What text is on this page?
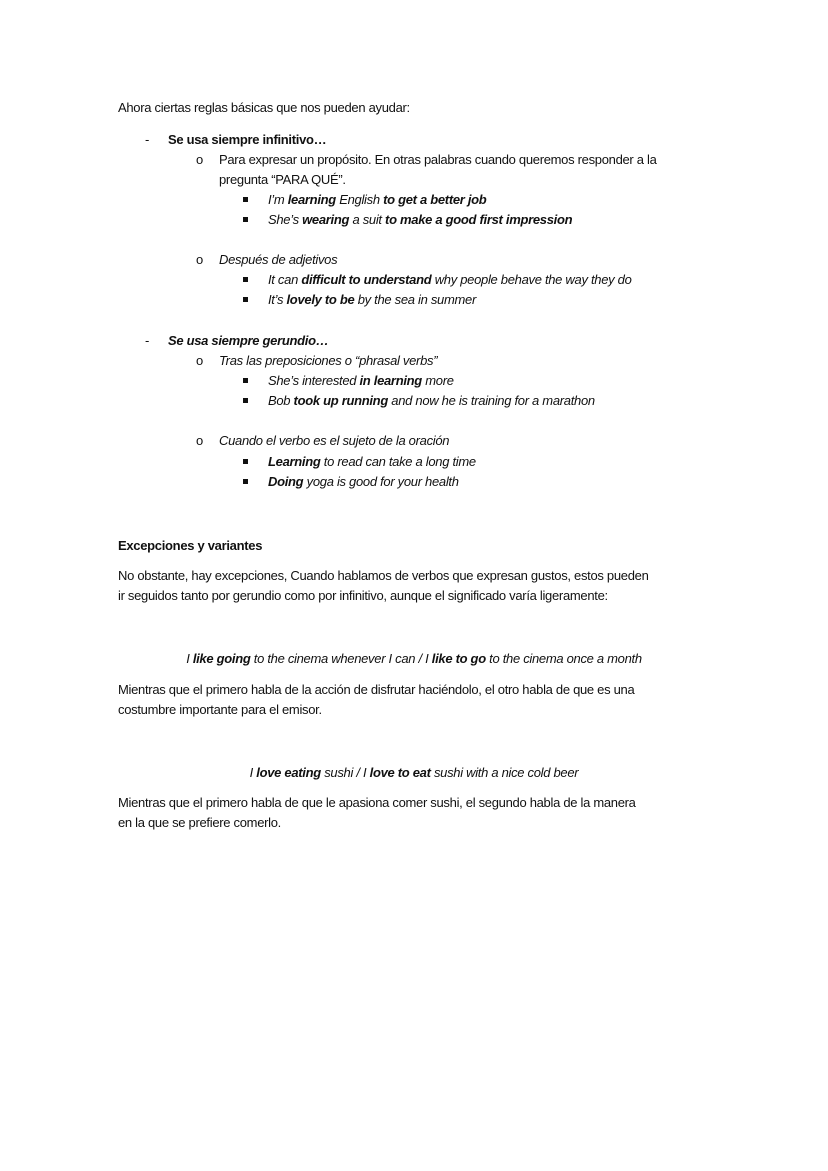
Ahora ciertas reglas básicas que nos pueden ayudar:
- Se usa siempre infinitivo…
o Para expresar un propósito. En otras palabras cuando queremos responder a la
pregunta “PARA QUÉ”.
I’m learning English to get a better job
She’s wearing a suit to make a good first impression
o Después de adjetivos
It can difficult to understand why people behave the way they do
It’s lovely to be by the sea in summer
- Se usa siempre gerundio…
o Tras las preposiciones o “phrasal verbs”
She’s interested in learning more
Bob took up running and now he is training for a marathon
o Cuando el verbo es el sujeto de la oración
Learning to read can take a long time
Doing yoga is good for your health
Excepciones y variantes
No obstante, hay excepciones, Cuando hablamos de verbos que expresan gustos, estos pueden
ir seguidos tanto por gerundio como por infinitivo, aunque el significado varía ligeramente:
I like going to the cinema whenever I can / I like to go to the cinema once a month
Mientras que el primero habla de la acción de disfrutar haciéndolo, el otro habla de que es una
costumbre importante para el emisor.
I love eating sushi / I love to eat sushi with a nice cold beer
Mientras que el primero habla de que le apasiona comer sushi, el segundo habla de la manera
en la que se prefiere comerlo.
